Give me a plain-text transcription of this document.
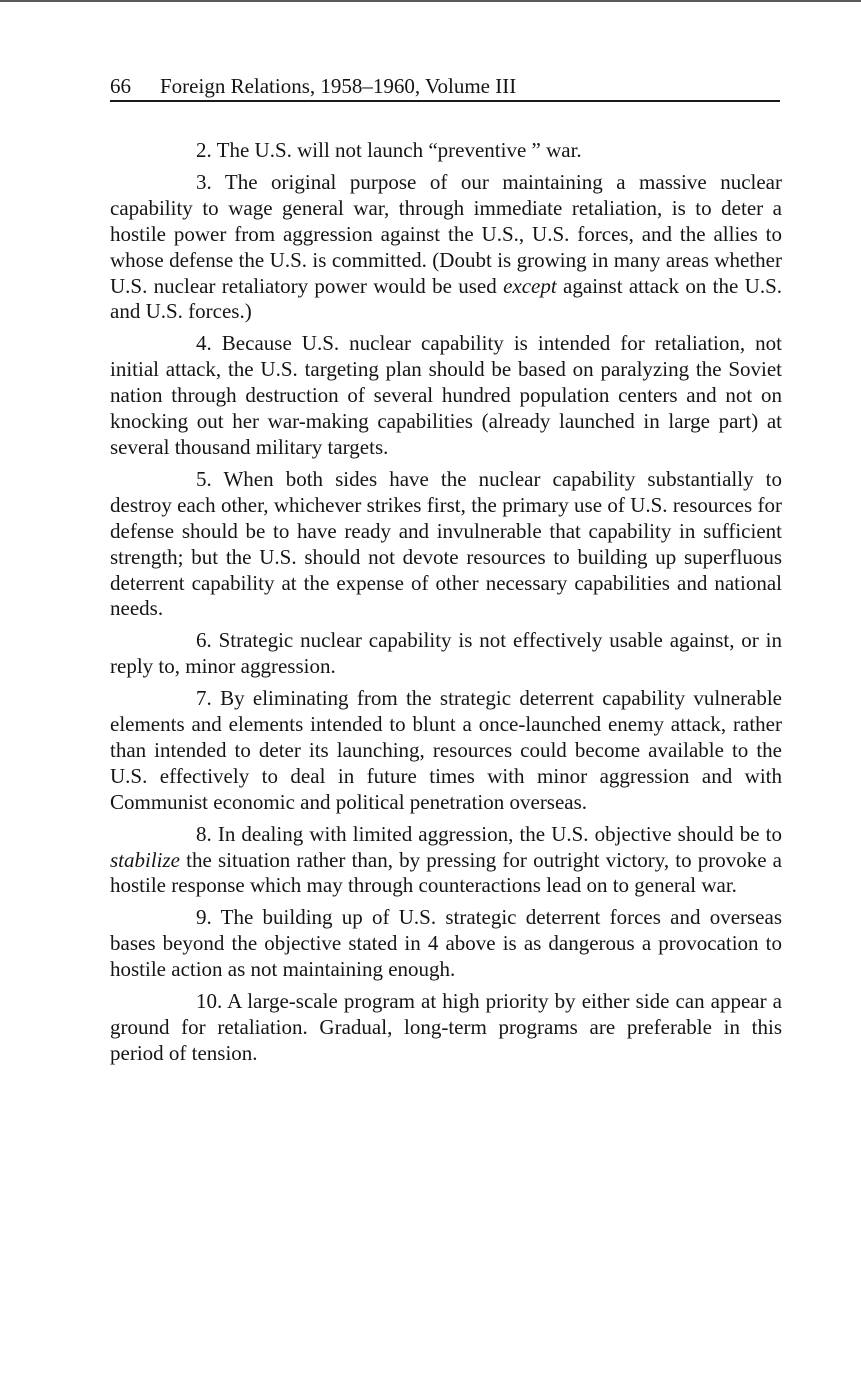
66 Foreign Relations, 1958–1960, Volume III

2. The U.S. will not launch “preventive ” war.

3. The original purpose of our maintaining a massive nuclear capability to wage general war, through immediate retaliation, is to deter a hostile power from aggression against the U.S., U.S. forces, and the allies to whose defense the U.S. is committed. (Doubt is growing in many areas whether U.S. nuclear retaliatory power would be used except against attack on the U.S. and U.S. forces.)

4. Because U.S. nuclear capability is intended for retaliation, not initial attack, the U.S. targeting plan should be based on paralyzing the Soviet nation through destruction of several hundred population centers and not on knocking out her war-making capabilities (already launched in large part) at several thousand military targets.

5. When both sides have the nuclear capability substantially to destroy each other, whichever strikes first, the primary use of U.S. resources for defense should be to have ready and invulnerable that capability in sufficient strength; but the U.S. should not devote resources to building up superfluous deterrent capability at the expense of other necessary capabilities and national needs.

6. Strategic nuclear capability is not effectively usable against, or in reply to, minor aggression.

7. By eliminating from the strategic deterrent capability vulnerable elements and elements intended to blunt a once-launched enemy attack, rather than intended to deter its launching, resources could become available to the U.S. effectively to deal in future times with minor aggression and with Communist economic and political penetration overseas.

8. In dealing with limited aggression, the U.S. objective should be to stabilize the situation rather than, by pressing for outright victory, to provoke a hostile response which may through counteractions lead on to general war.

9. The building up of U.S. strategic deterrent forces and overseas bases beyond the objective stated in 4 above is as dangerous a provocation to hostile action as not maintaining enough.

10. A large-scale program at high priority by either side can appear a ground for retaliation. Gradual, long-term programs are preferable in this period of tension.
